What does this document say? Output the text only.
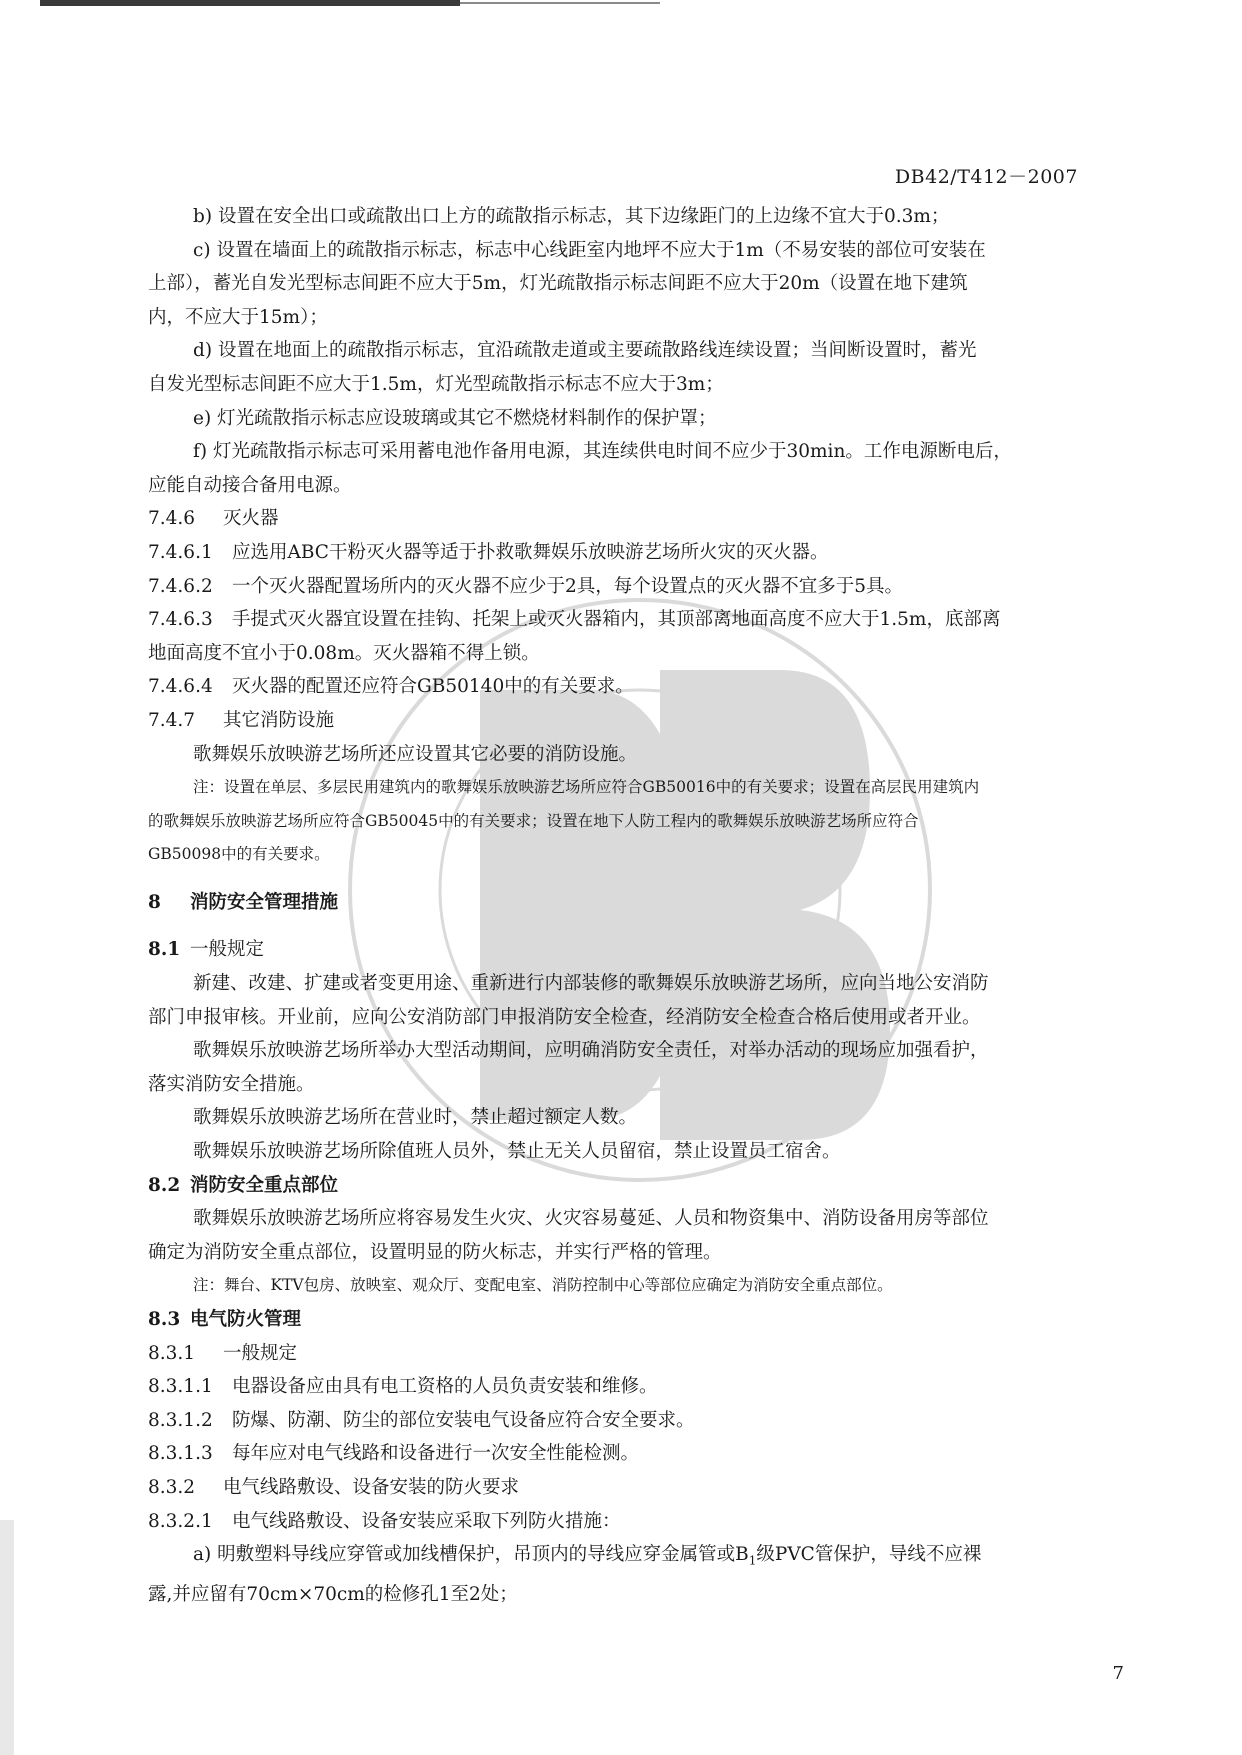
DB42/T412－2007
b) 设置在安全出口或疏散出口上方的疏散指示标志，其下边缘距门的上边缘不宜大于0.3m；
c) 设置在墙面上的疏散指示标志，标志中心线距室内地坪不应大于1m（不易安装的部位可安装在
上部），蓄光自发光型标志间距不应大于5m，灯光疏散指示标志间距不应大于20m（设置在地下建筑
内，不应大于15m）；
d) 设置在地面上的疏散指示标志，宜沿疏散走道或主要疏散路线连续设置；当间断设置时，蓄光
自发光型标志间距不应大于1.5m，灯光型疏散指示标志不应大于3m；
e) 灯光疏散指示标志应设玻璃或其它不燃烧材料制作的保护罩；
f) 灯光疏散指示标志可采用蓄电池作备用电源，其连续供电时间不应少于30min。工作电源断电后，
应能自动接合备用电源。
7.4.6 灭火器
7.4.6.1 应选用ABC干粉灭火器等适于扑救歌舞娱乐放映游艺场所火灾的灭火器。
7.4.6.2 一个灭火器配置场所内的灭火器不应少于2具，每个设置点的灭火器不宜多于5具。
7.4.6.3 手提式灭火器宜设置在挂钩、托架上或灭火器箱内，其顶部离地面高度不应大于1.5m，底部离
地面高度不宜小于0.08m。灭火器箱不得上锁。
7.4.6.4 灭火器的配置还应符合GB50140中的有关要求。
7.4.7 其它消防设施
歌舞娱乐放映游艺场所还应设置其它必要的消防设施。
注：设置在单层、多层民用建筑内的歌舞娱乐放映游艺场所应符合GB50016中的有关要求；设置在高层民用建筑内
的歌舞娱乐放映游艺场所应符合GB50045中的有关要求；设置在地下人防工程内的歌舞娱乐放映游艺场所应符合
GB50098中的有关要求。
8 消防安全管理措施
8.1 一般规定
新建、改建、扩建或者变更用途、重新进行内部装修的歌舞娱乐放映游艺场所，应向当地公安消防
部门申报审核。开业前，应向公安消防部门申报消防安全检查，经消防安全检查合格后使用或者开业。
歌舞娱乐放映游艺场所举办大型活动期间，应明确消防安全责任，对举办活动的现场应加强看护，
落实消防安全措施。
歌舞娱乐放映游艺场所在营业时，禁止超过额定人数。
歌舞娱乐放映游艺场所除值班人员外，禁止无关人员留宿，禁止设置员工宿舍。
8.2 消防安全重点部位
歌舞娱乐放映游艺场所应将容易发生火灾、火灾容易蔓延、人员和物资集中、消防设备用房等部位
确定为消防安全重点部位，设置明显的防火标志，并实行严格的管理。
注：舞台、KTV包房、放映室、观众厅、变配电室、消防控制中心等部位应确定为消防安全重点部位。
8.3 电气防火管理
8.3.1 一般规定
8.3.1.1 电器设备应由具有电工资格的人员负责安装和维修。
8.3.1.2 防爆、防潮、防尘的部位安装电气设备应符合安全要求。
8.3.1.3 每年应对电气线路和设备进行一次安全性能检测。
8.3.2 电气线路敷设、设备安装的防火要求
8.3.2.1 电气线路敷设、设备安装应采取下列防火措施：
a) 明敷塑料导线应穿管或加线槽保护，吊顶内的导线应穿金属管或$B_1$级PVC管保护，导线不应裸
露,并应留有70cm×70cm的检修孔1至2处；
7
